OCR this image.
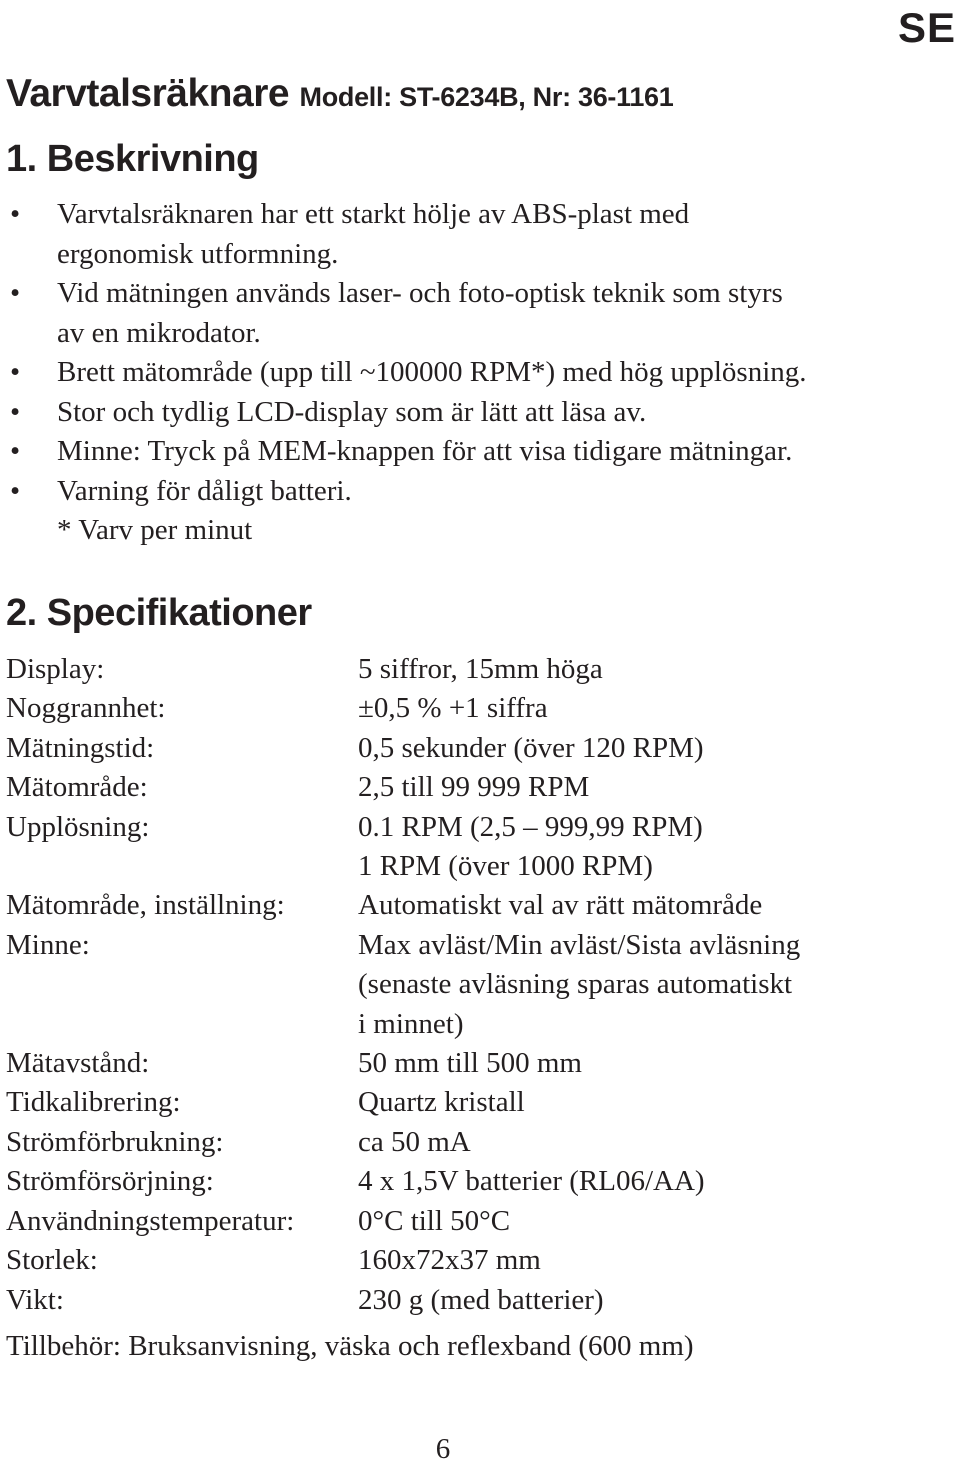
SE
Varvtalsräknare Modell: ST-6234B, Nr: 36-1161
1. Beskrivning
• Varvtalsräknaren har ett starkt hölje av ABS-plast med
ergonomisk utformning.
• Vid mätningen används laser- och foto-optisk teknik som styrs
av en mikrodator.
• Brett mätområde (upp till ~100000 RPM*) med hög upplösning.
• Stor och tydlig LCD-display som är lätt att läsa av.
• Minne: Tryck på MEM-knappen för att visa tidigare mätningar.
• Varning för dåligt batteri.
* Varv per minut
2. Specifikationer
Display:	5 siffror, 15mm höga
Noggrannhet:	±0,5 % +1 siffra
Mätningstid:	0,5 sekunder (över 120 RPM)
Mätområde:	2,5 till 99 999 RPM
Upplösning:	0.1 RPM (2,5 – 999,99 RPM)
1 RPM (över 1000 RPM)
Mätområde, inställning:	Automatiskt val av rätt mätområde
Minne:	Max avläst/Min avläst/Sista avläsning
(senaste avläsning sparas automatiskt
i minnet)
Mätavstånd:	50 mm till 500 mm
Tidkalibrering:	Quartz kristall
Strömförbrukning:	ca 50 mA
Strömförsörjning:	4 x 1,5V batterier (RL06/AA)
Användningstemperatur:	0°C till 50°C
Storlek:	160x72x37 mm
Vikt:	230 g (med batterier)
Tillbehör: Bruksanvisning, väska och reflexband (600 mm)
6
